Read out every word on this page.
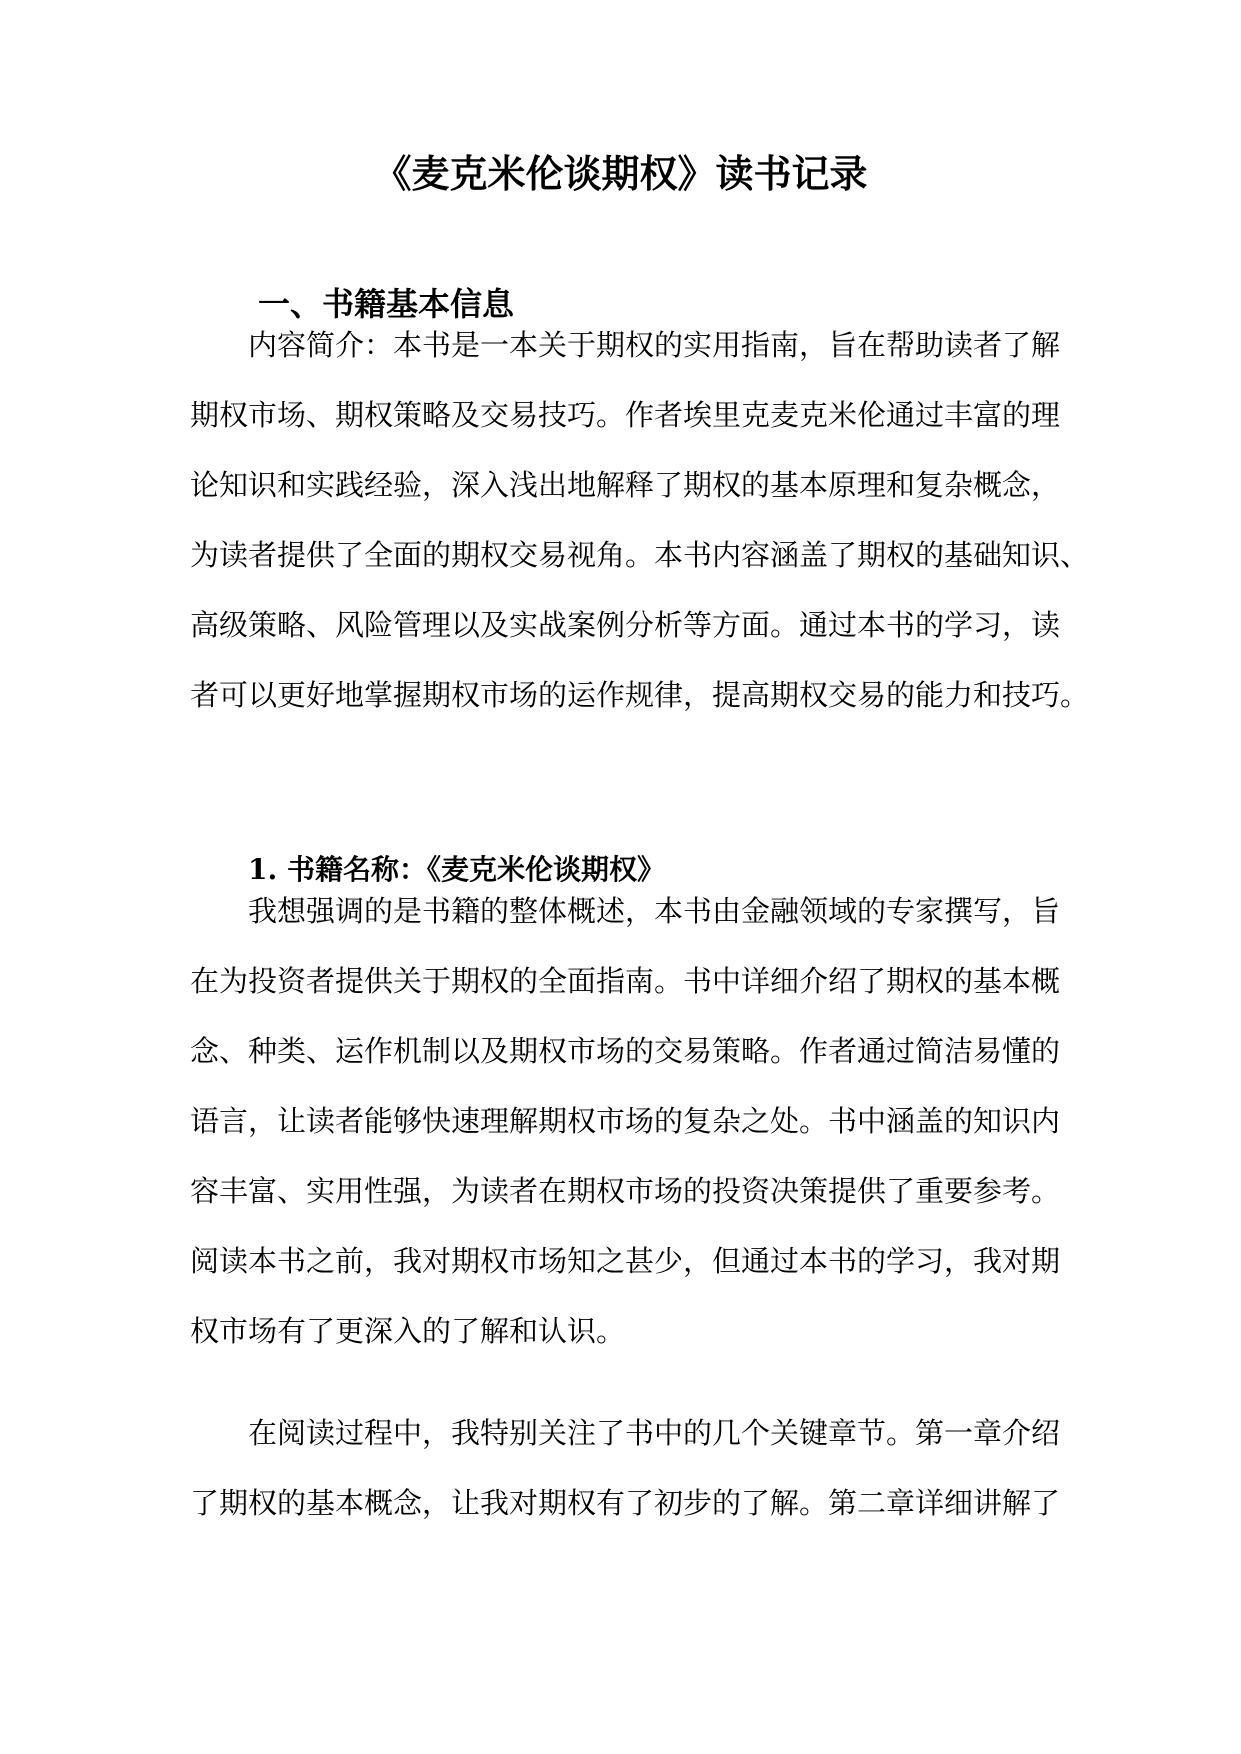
《麦克米伦谈期权》读书记录
一、书籍基本信息
内容简介：本书是一本关于期权的实用指南，旨在帮助读者了解
期权市场、期权策略及交易技巧。作者埃里克麦克米伦通过丰富的理
论知识和实践经验，深入浅出地解释了期权的基本原理和复杂概念，
为读者提供了全面的期权交易视角。本书内容涵盖了期权的基础知识、
高级策略、风险管理以及实战案例分析等方面。通过本书的学习，读
者可以更好地掌握期权市场的运作规律，提高期权交易的能力和技巧。
1. 书籍名称：《麦克米伦谈期权》
我想强调的是书籍的整体概述，本书由金融领域的专家撰写，旨
在为投资者提供关于期权的全面指南。书中详细介绍了期权的基本概
念、种类、运作机制以及期权市场的交易策略。作者通过简洁易懂的
语言，让读者能够快速理解期权市场的复杂之处。书中涵盖的知识内
容丰富、实用性强，为读者在期权市场的投资决策提供了重要参考。
阅读本书之前，我对期权市场知之甚少，但通过本书的学习，我对期
权市场有了更深入的了解和认识。
在阅读过程中，我特别关注了书中的几个关键章节。第一章介绍
了期权的基本概念，让我对期权有了初步的了解。第二章详细讲解了
